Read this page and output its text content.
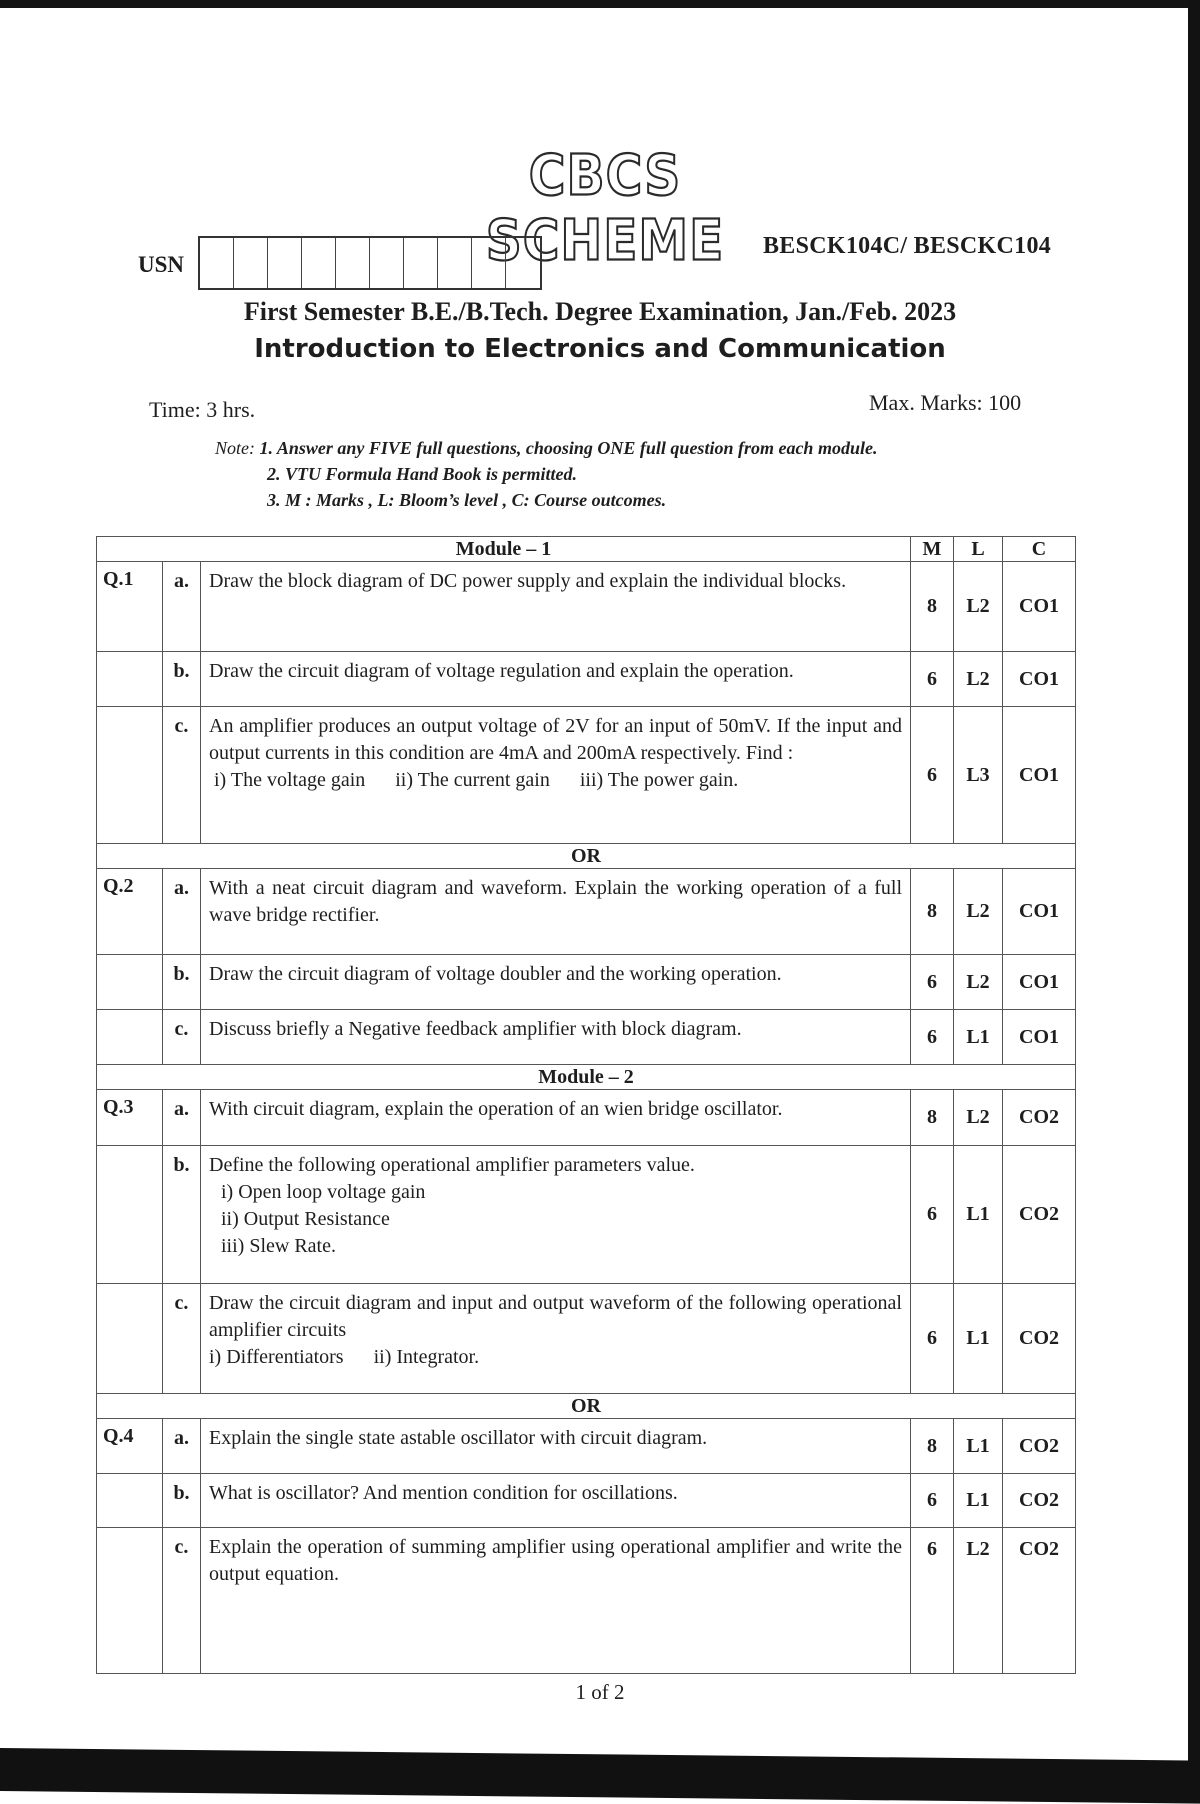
CBCS SCHEME
USN
BESCK104C/ BESCKC104
First Semester B.E./B.Tech. Degree Examination, Jan./Feb. 2023
Introduction to Electronics and Communication
Time: 3 hrs.	Max. Marks: 100
Note: 1. Answer any FIVE full questions, choosing ONE full question from each module.
2. VTU Formula Hand Book is permitted.
3. M : Marks , L: Bloom’s level , C: Course outcomes.
Module – 1			M	L	C
Q.1	a.	Draw the block diagram of DC power supply and explain the individual blocks.	8	L2	CO1
	b.	Draw the circuit diagram of voltage regulation and explain the operation.	6	L2	CO1
	c.	An amplifier produces an output voltage of 2V for an input of 50mV. If the input and output currents in this condition are 4mA and 200mA respectively. Find :
i) The voltage gain ii) The current gain iii) The power gain.	6	L3	CO1
OR					
Q.2	a.	With a neat circuit diagram and waveform. Explain the working operation of a full wave bridge rectifier.	8	L2	CO1
	b.	Draw the circuit diagram of voltage doubler and the working operation.	6	L2	CO1
	c.	Discuss briefly a Negative feedback amplifier with block diagram.	6	L1	CO1
Module – 2					
Q.3	a.	With circuit diagram, explain the operation of an wien bridge oscillator.	8	L2	CO2
	b.	Define the following operational amplifier parameters value.
i) Open loop voltage gain
ii) Output Resistance
iii) Slew Rate.	6	L1	CO2
	c.	Draw the circuit diagram and input and output waveform of the following operational amplifier circuits
i) Differentiators ii) Integrator.	6	L1	CO2
OR					
Q.4	a.	Explain the single state astable oscillator with circuit diagram.	8	L1	CO2
	b.	What is oscillator? And mention condition for oscillations.	6	L1	CO2
	c.	Explain the operation of summing amplifier using operational amplifier and write the output equation.	6	L2	CO2
1 of 2
